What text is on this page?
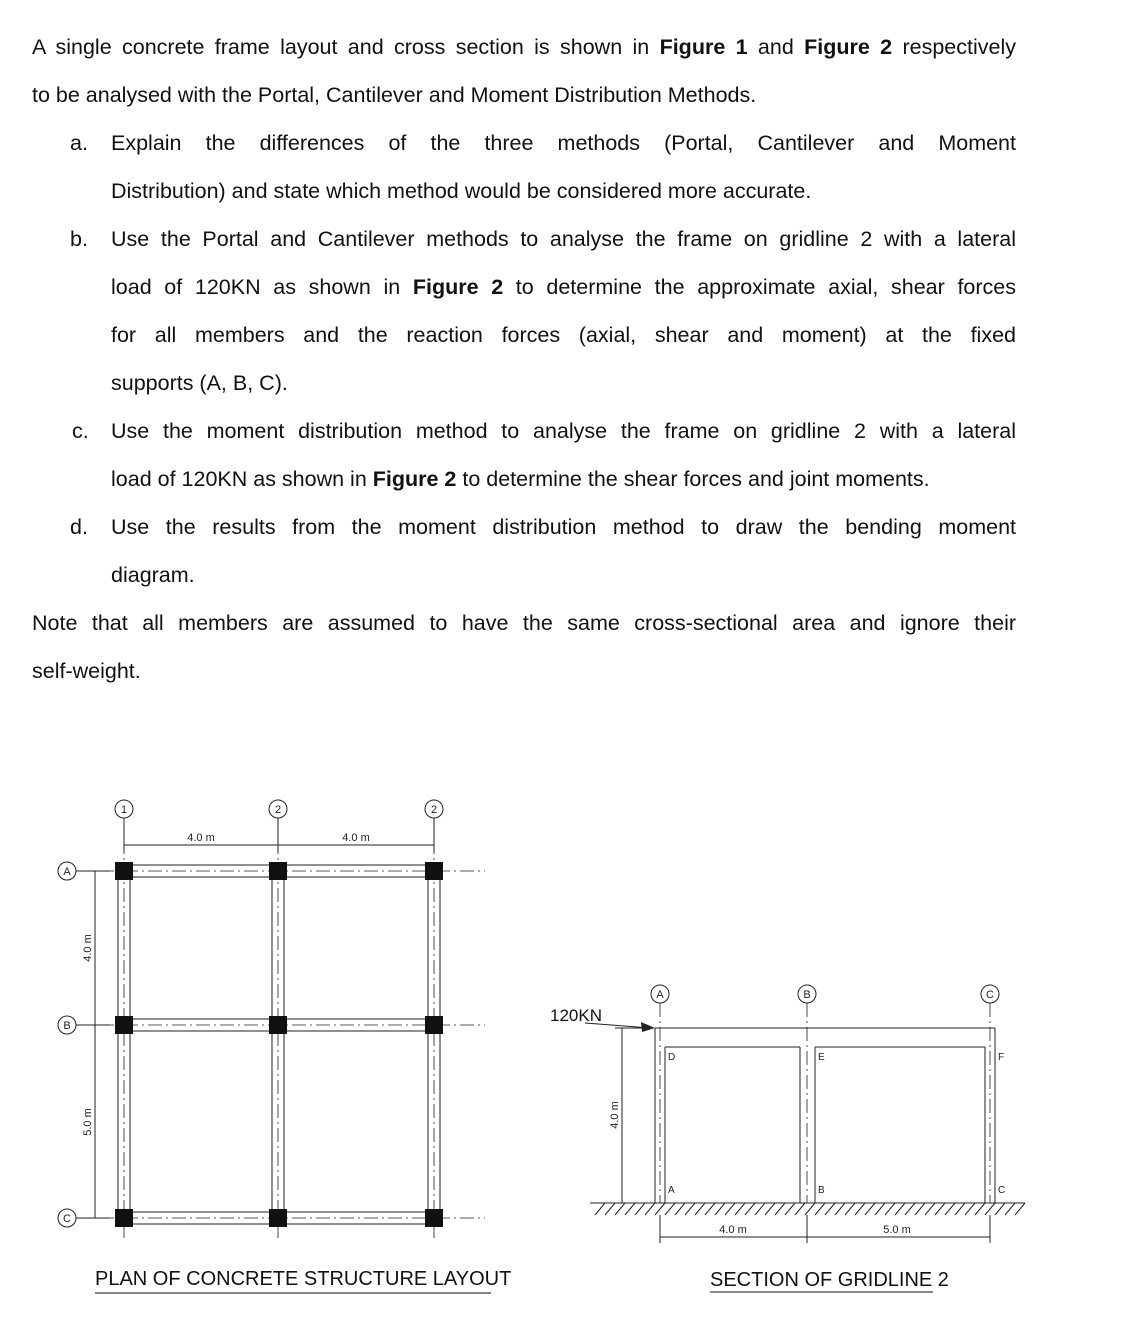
A single concrete frame layout and cross section is shown in Figure 1 and Figure 2 respectively
to be analysed with the Portal, Cantilever and Moment Distribution Methods.
a. Explain the differences of the three methods (Portal, Cantilever and Moment
Distribution) and state which method would be considered more accurate.
b. Use the Portal and Cantilever methods to analyse the frame on gridline 2 with a lateral
load of 120KN as shown in Figure 2 to determine the approximate axial, shear forces
for all members and the reaction forces (axial, shear and moment) at the fixed
supports (A, B, C).
c. Use the moment distribution method to analyse the frame on gridline 2 with a lateral
load of 120KN as shown in Figure 2 to determine the shear forces and joint moments.
d. Use the results from the moment distribution method to draw the bending moment
diagram.
Note that all members are assumed to have the same cross-sectional area and ignore their
self-weight.
1	2	2
A
B
C
4.0 m	4.0 m
4.0 m
5.0 m
PLAN OF CONCRETE STRUCTURE LAYOUT
A	B	C
4.0 m	5.0 m
4.0 m
D	E	F
A	B	C
120KN
SECTION OF GRIDLINE 2
